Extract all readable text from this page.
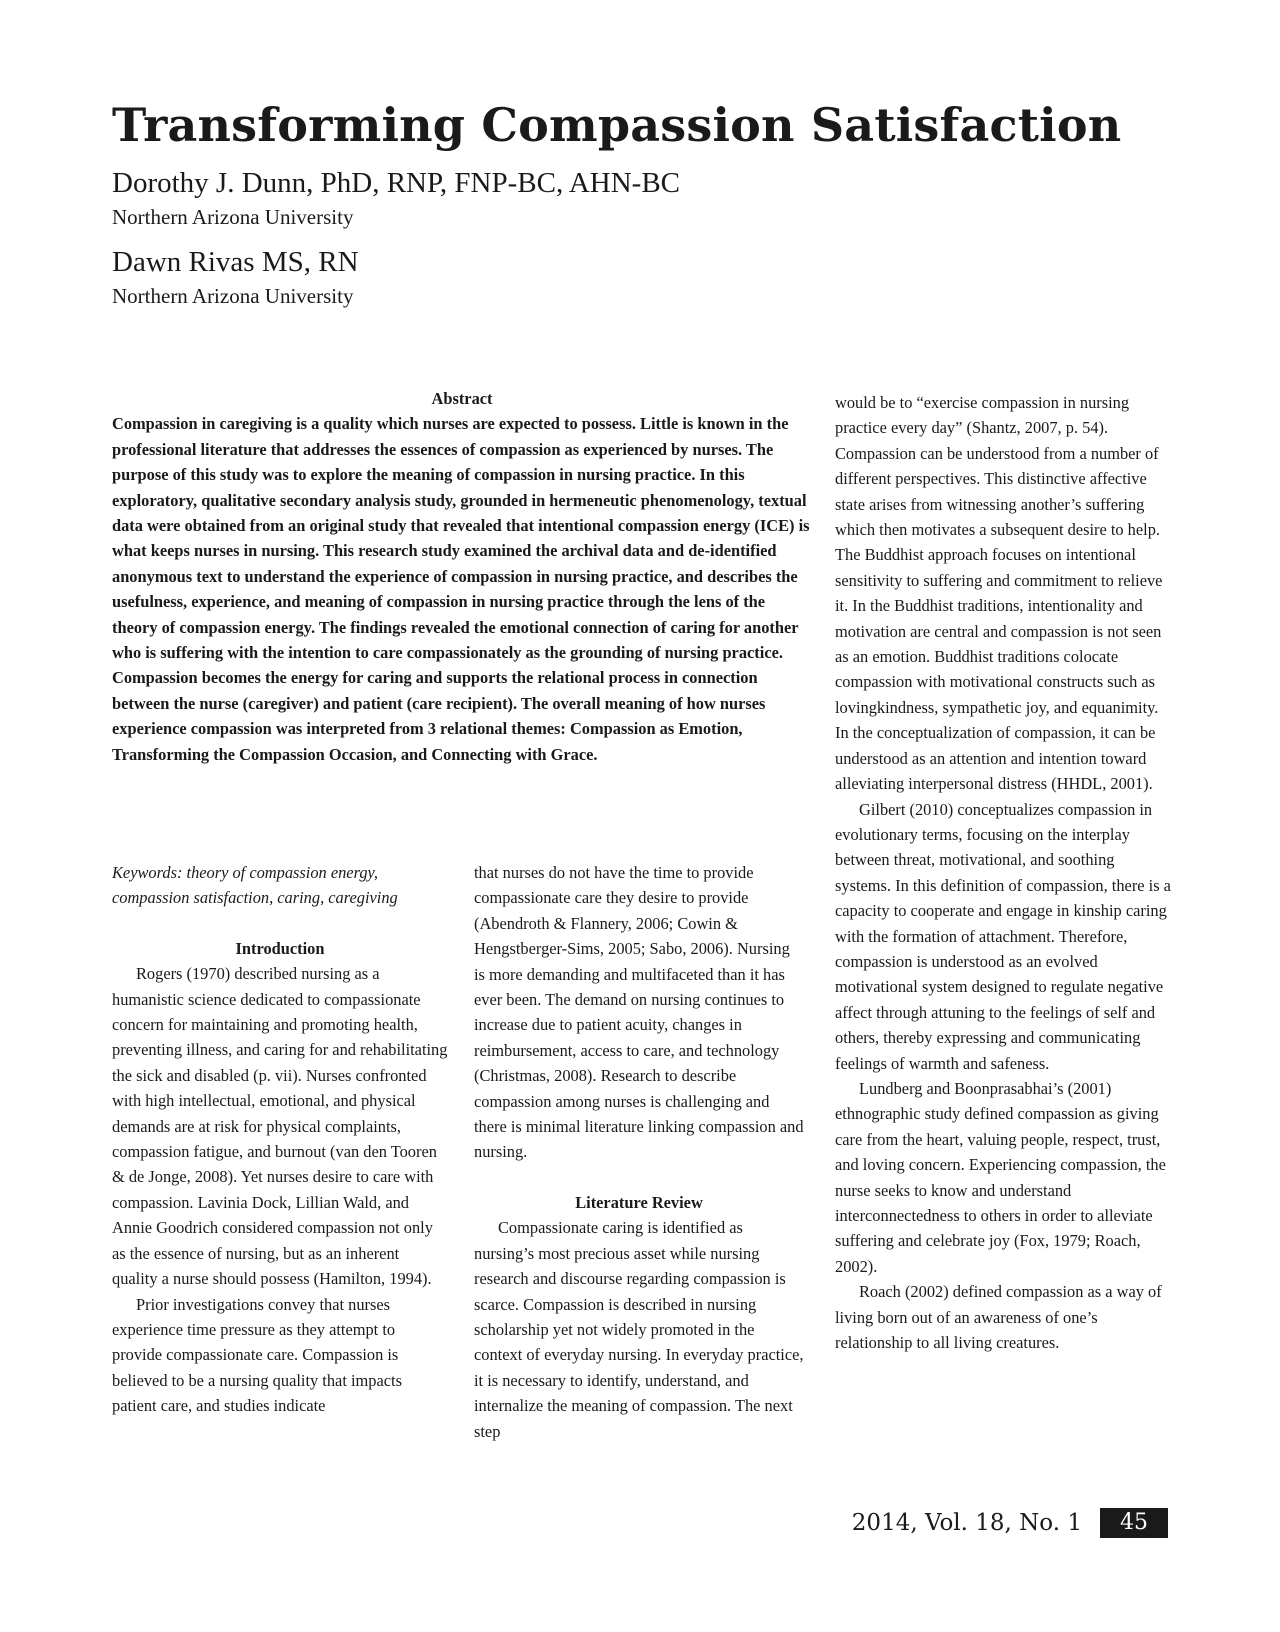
Transforming Compassion Satisfaction
Dorothy J. Dunn, PhD, RNP, FNP-BC, AHN-BC
Northern Arizona University
Dawn Rivas MS, RN
Northern Arizona University

Abstract

Compassion in caregiving is a quality which nurses are expected to possess. Little is known in the professional literature that addresses the essences of compassion as experienced by nurses. The purpose of this study was to explore the meaning of compassion in nursing practice. In this exploratory, qualitative secondary analysis study, grounded in hermeneutic phenomenology, textual data were obtained from an original study that revealed that intentional compassion energy (ICE) is what keeps nurses in nursing. This research study examined the archival data and de-identified anonymous text to understand the experience of compassion in nursing practice, and describes the usefulness, experience, and meaning of compassion in nursing practice through the lens of the theory of compassion energy. The findings revealed the emotional connection of caring for another who is suffering with the intention to care compassionately as the grounding of nursing practice. Compassion becomes the energy for caring and supports the relational process in connection between the nurse (caregiver) and patient (care recipient). The overall meaning of how nurses experience compassion was interpreted from 3 relational themes: Compassion as Emotion, Transforming the Compassion Occasion, and Connecting with Grace.

Keywords: theory of compassion energy, compassion satisfaction, caring, caregiving

Introduction

Rogers (1970) described nursing as a humanistic science dedicated to compassionate concern for maintaining and promoting health, preventing illness, and caring for and rehabilitating the sick and disabled (p. vii). Nurses confronted with high intellectual, emotional, and physical demands are at risk for physical complaints, compassion fatigue, and burnout (van den Tooren & de Jonge, 2008). Yet nurses desire to care with compassion. Lavinia Dock, Lillian Wald, and Annie Goodrich considered compassion not only as the essence of nursing, but as an inherent quality a nurse should possess (Hamilton, 1994).

Prior investigations convey that nurses experience time pressure as they attempt to provide compassionate care. Compassion is believed to be a nursing quality that impacts patient care, and studies indicate

that nurses do not have the time to provide compassionate care they desire to provide (Abendroth & Flannery, 2006; Cowin & Hengstberger-Sims, 2005; Sabo, 2006). Nursing is more demanding and multifaceted than it has ever been. The demand on nursing continues to increase due to patient acuity, changes in reimbursement, access to care, and technology (Christmas, 2008). Research to describe compassion among nurses is challenging and there is minimal literature linking compassion and nursing.

Literature Review

Compassionate caring is identified as nursing’s most precious asset while nursing research and discourse regarding compassion is scarce. Compassion is described in nursing scholarship yet not widely promoted in the context of everyday nursing. In everyday practice, it is necessary to identify, understand, and internalize the meaning of compassion. The next step

would be to “exercise compassion in nursing practice every day” (Shantz, 2007, p. 54). Compassion can be understood from a number of different perspectives. This distinctive affective state arises from witnessing another’s suffering which then motivates a subsequent desire to help. The Buddhist approach focuses on intentional sensitivity to suffering and commitment to relieve it. In the Buddhist traditions, intentionality and motivation are central and compassion is not seen as an emotion. Buddhist traditions colocate compassion with motivational constructs such as lovingkindness, sympathetic joy, and equanimity. In the conceptualization of compassion, it can be understood as an attention and intention toward alleviating interpersonal distress (HHDL, 2001).

Gilbert (2010) conceptualizes compassion in evolutionary terms, focusing on the interplay between threat, motivational, and soothing systems. In this definition of compassion, there is a capacity to cooperate and engage in kinship caring with the formation of attachment. Therefore, compassion is understood as an evolved motivational system designed to regulate negative affect through attuning to the feelings of self and others, thereby expressing and communicating feelings of warmth and safeness.

Lundberg and Boonprasabhai’s (2001) ethnographic study defined compassion as giving care from the heart, valuing people, respect, trust, and loving concern. Experiencing compassion, the nurse seeks to know and understand interconnectedness to others in order to alleviate suffering and celebrate joy (Fox, 1979; Roach, 2002).

Roach (2002) defined compassion as a way of living born out of an awareness of one’s relationship to all living creatures.

2014, Vol. 18, No. 1	45
